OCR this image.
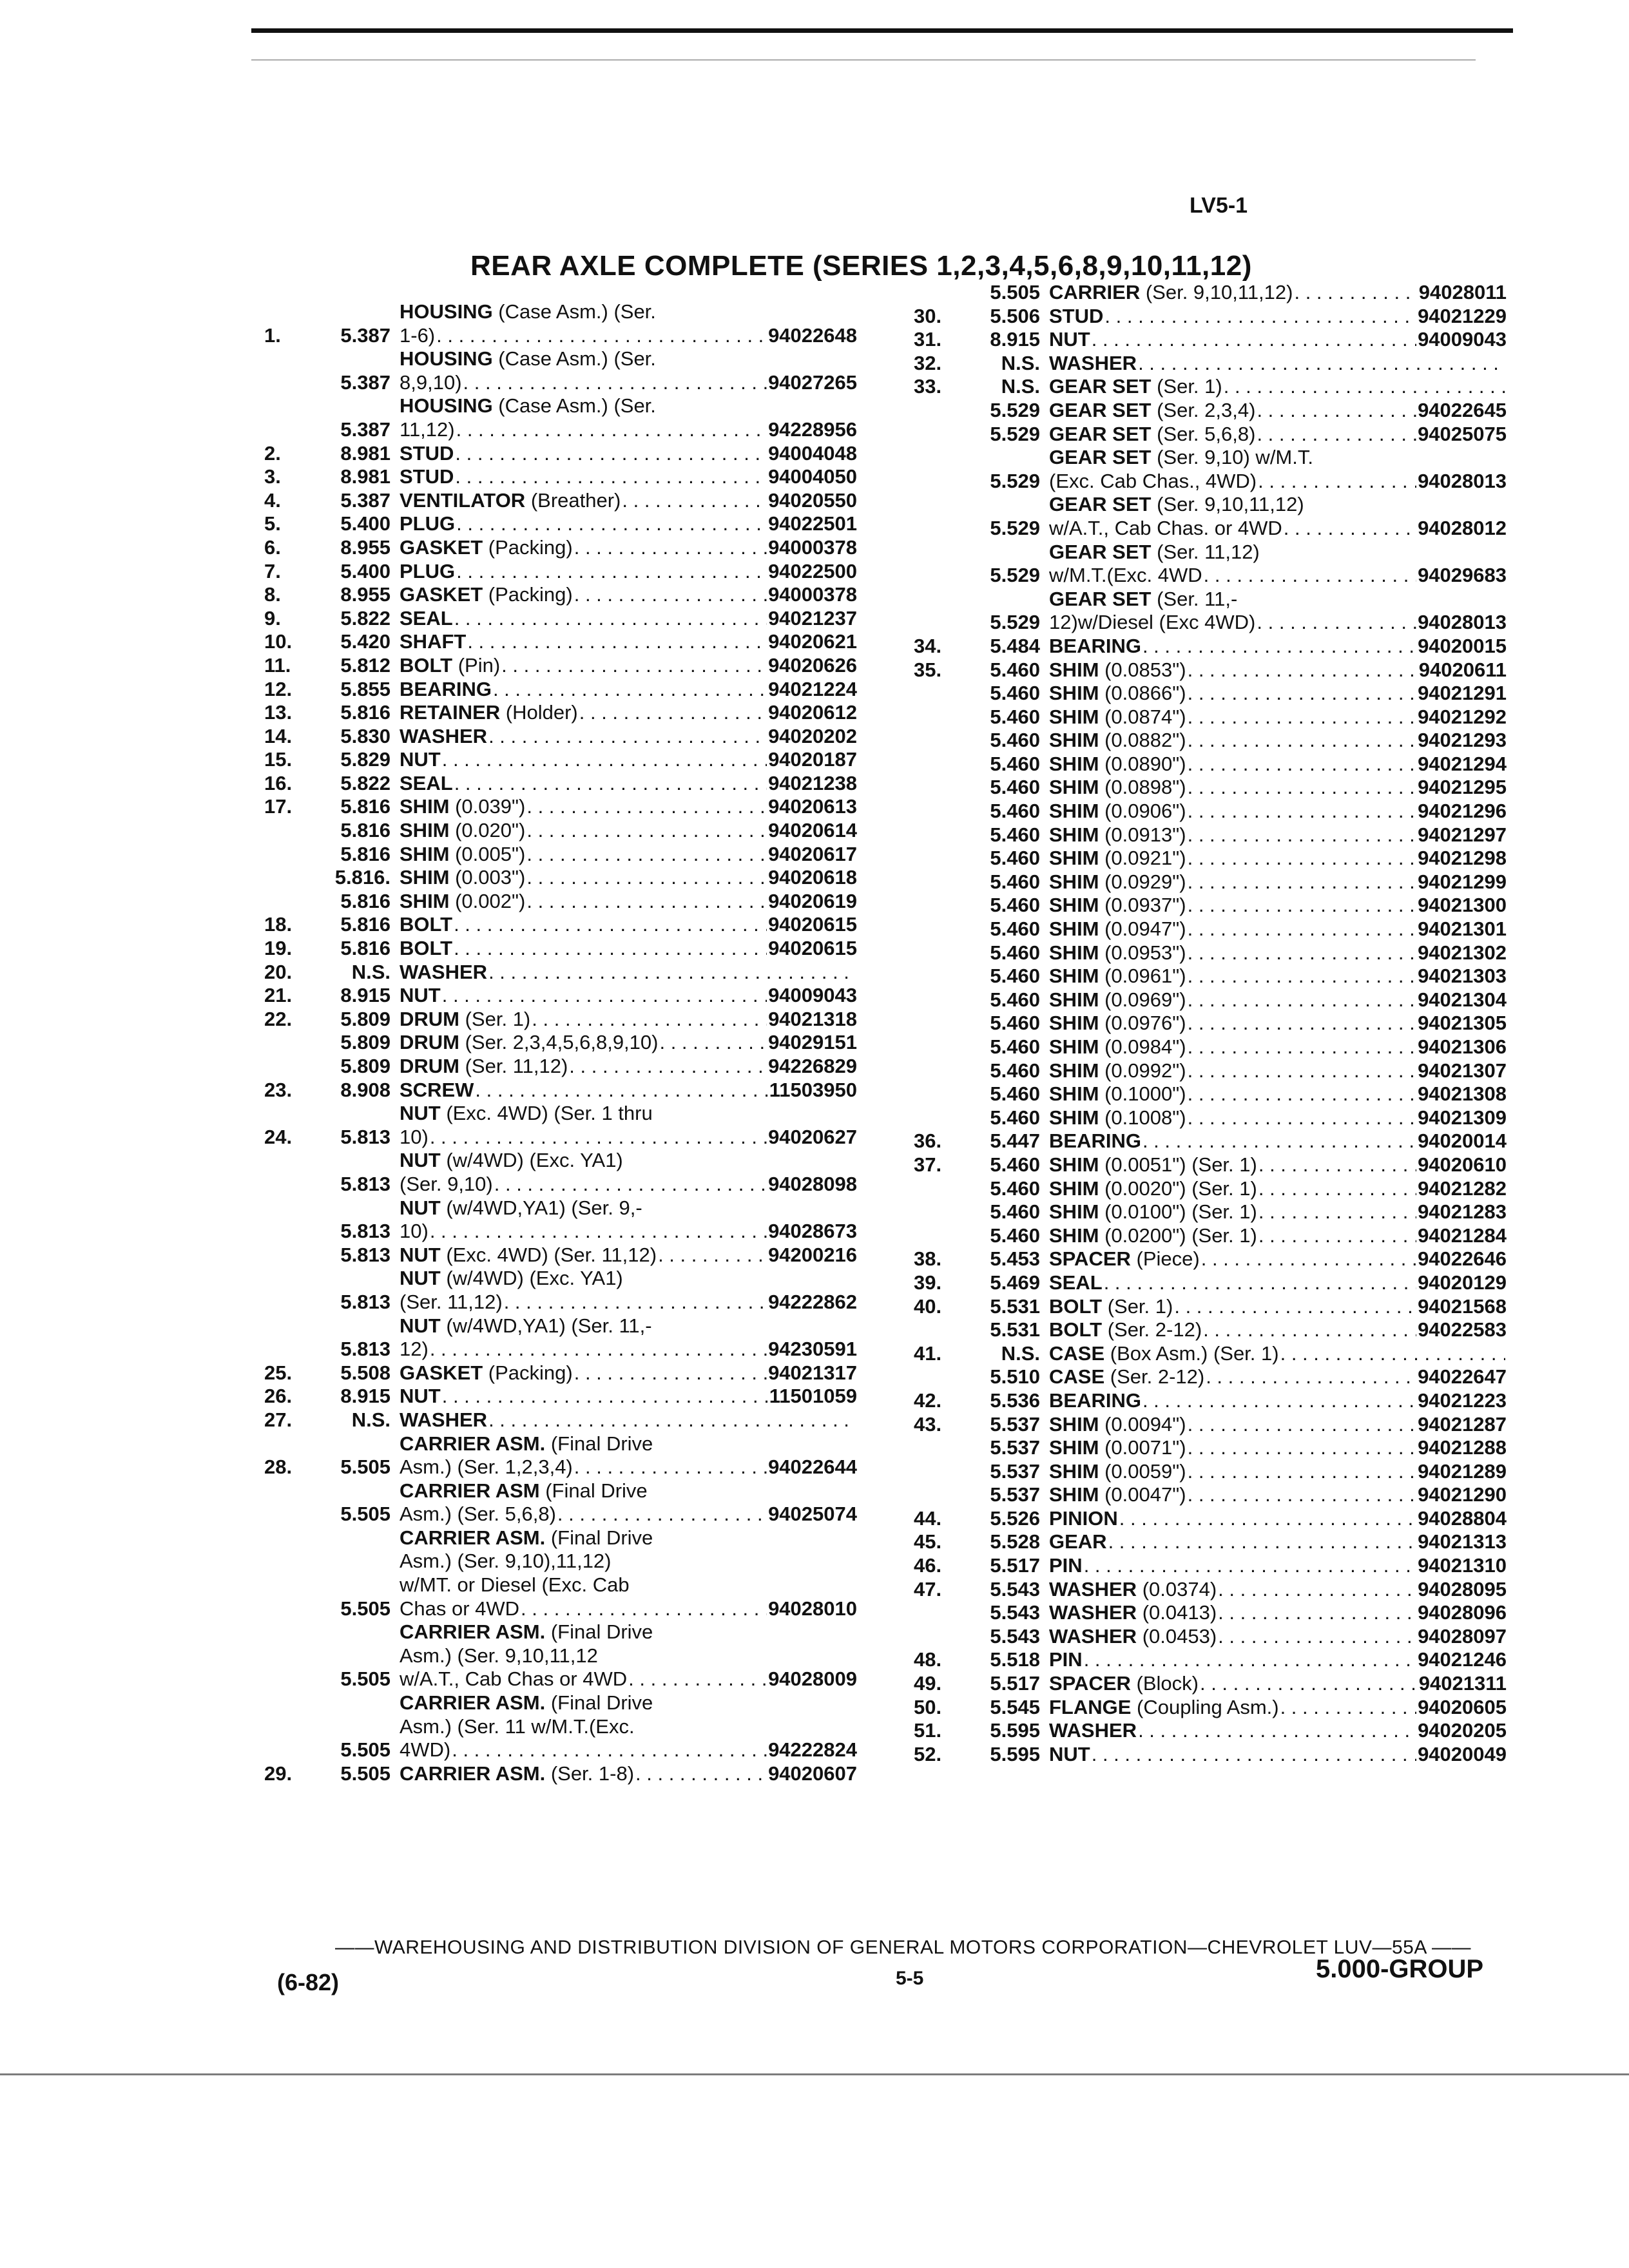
LV5-1
REAR AXLE COMPLETE (SERIES 1,2,3,4,5,6,8,9,10,11,12)
1.	5.387
HOUSING (Case Asm.) (Ser.
1-6) . . .	94022648
5.387
HOUSING (Case Asm.) (Ser.
8,9,10) . . .	94027265
5.387
HOUSING (Case Asm.) (Ser.
11,12) . . .	94228956
2.	8.981 STUD . . .	94004048
3.	8.981 STUD . . .	94004050
4.	5.387 VENTILATOR (Breather) . . .	94020550
5.	5.400 PLUG . . .	94022501
6.	8.955 GASKET (Packing) . . .	94000378
7.	5.400 PLUG . . .	94022500
8.	8.955 GASKET (Packing) . . .	94000378
9.	5.822 SEAL . . .	94021237
10.	5.420 SHAFT . . .	94020621
11.	5.812 BOLT (Pin) . . .	94020626
12.	5.855 BEARING . . .	94021224
13.	5.816 RETAINER (Holder) . . .	94020612
14.	5.830 WASHER . . .	94020202
15.	5.829 NUT . . .	94020187
16.	5.822 SEAL . . .	94021238
17.	5.816 SHIM (0.039") . . .	94020613
5.816 SHIM (0.020") . . .	94020614
5.816 SHIM (0.005") . . .	94020617
5.816. SHIM (0.003") . . .	94020618
5.816 SHIM (0.002") . . .	94020619
18.	5.816 BOLT . . .	94020615
19.	5.816 BOLT . . .	94020615
20.	N.S. WASHER
. . .
21.	8.915 NUT . . .	94009043
22.	5.809 DRUM (Ser. 1) . . .	94021318
5.809 DRUM (Ser. 2,3,4,5,6,8,9,10) . . .	94029151
5.809 DRUM (Ser. 11,12) . . .	94226829
23.	8.908 SCREW . . .	11503950
24.	5.813
NUT (Exc. 4WD) (Ser. 1 thru
10) . . .	94020627
5.813
NUT (w/4WD) (Exc. YA1)
(Ser. 9,10) . . .	94028098
5.813
NUT (w/4WD,YA1) (Ser. 9,-
10) . . .	94028673
5.813 NUT (Exc. 4WD) (Ser. 11,12) . . .	94200216
5.813
NUT (w/4WD) (Exc. YA1)
(Ser. 11,12) . . .	94222862
5.813
NUT (w/4WD,YA1) (Ser. 11,-
12) . . .	94230591
25.	5.508 GASKET (Packing) . . .	94021317
26.	8.915 NUT . . .	11501059
27.	N.S. WASHER
. . .
28.	5.505
CARRIER ASM. (Final Drive
Asm.) (Ser. 1,2,3,4) . . .	94022644
5.505
CARRIER ASM (Final Drive
Asm.) (Ser. 5,6,8) . . .	94025074
5.505
CARRIER ASM. (Final Drive
Asm.) (Ser. 9,10),11,12)
w/MT. or Diesel (Exc. Cab
Chas or 4WD . . .	94028010
5.505
CARRIER ASM. (Final Drive
Asm.) (Ser. 9,10,11,12
w/A.T., Cab Chas or 4WD . . .	94028009
5.505
CARRIER ASM. (Final Drive
Asm.) (Ser. 11 w/M.T.(Exc.
4WD) . . .	94222824
29.	5.505 CARRIER ASM. (Ser. 1-8) . . .	94020607
5.505 CARRIER (Ser. 9,10,11,12) . . .	94028011
30.	5.506 STUD . . .	94021229
31.	8.915 NUT . . .	94009043
32.	N.S. WASHER
. . .
33.	N.S. GEAR SET (Ser. 1)
. . .
5.529 GEAR SET (Ser. 2,3,4) . . .	94022645
5.529 GEAR SET (Ser. 5,6,8) . . .	94025075
5.529
GEAR SET (Ser. 9,10) w/M.T.
(Exc. Cab Chas., 4WD) . . .	94028013
5.529
GEAR SET (Ser. 9,10,11,12)
w/A.T., Cab Chas. or 4WD . . .	94028012
5.529
GEAR SET (Ser. 11,12)
w/M.T.(Exc. 4WD . . .	94029683
5.529
GEAR SET (Ser. 11,-
12)w/Diesel (Exc 4WD) . . .	94028013
34.	5.484 BEARING . . .	94020015
35.	5.460 SHIM (0.0853") . . .	94020611
5.460 SHIM (0.0866") . . .	94021291
5.460 SHIM (0.0874") . . .	94021292
5.460 SHIM (0.0882") . . .	94021293
5.460 SHIM (0.0890") . . .	94021294
5.460 SHIM (0.0898") . . .	94021295
5.460 SHIM (0.0906") . . .	94021296
5.460 SHIM (0.0913") . . .	94021297
5.460 SHIM (0.0921") . . .	94021298
5.460 SHIM (0.0929") . . .	94021299
5.460 SHIM (0.0937") . . .	94021300
5.460 SHIM (0.0947") . . .	94021301
5.460 SHIM (0.0953") . . .	94021302
5.460 SHIM (0.0961") . . .	94021303
5.460 SHIM (0.0969") . . .	94021304
5.460 SHIM (0.0976") . . .	94021305
5.460 SHIM (0.0984") . . .	94021306
5.460 SHIM (0.0992") . . .	94021307
5.460 SHIM (0.1000") . . .	94021308
5.460 SHIM (0.1008") . . .	94021309
36.	5.447 BEARING . . .	94020014
37.	5.460 SHIM (0.0051") (Ser. 1) . . .	94020610
5.460 SHIM (0.0020") (Ser. 1) . . .	94021282
5.460 SHIM (0.0100") (Ser. 1) . . .	94021283
5.460 SHIM (0.0200") (Ser. 1) . . .	94021284
38.	5.453 SPACER (Piece) . . .	94022646
39.	5.469 SEAL . . .	94020129
40.	5.531 BOLT (Ser. 1) . . .	94021568
5.531 BOLT (Ser. 2-12) . . .	94022583
41.	N.S. CASE (Box Asm.) (Ser. 1)
. . .
5.510 CASE (Ser. 2-12) . . .	94022647
42.	5.536 BEARING . . .	94021223
43.	5.537 SHIM (0.0094") . . .	94021287
5.537 SHIM (0.0071") . . .	94021288
5.537 SHIM (0.0059") . . .	94021289
5.537 SHIM (0.0047") . . .	94021290
44.	5.526 PINION . . .	94028804
45.	5.528 GEAR . . .	94021313
46.	5.517 PIN . . .	94021310
47.	5.543 WASHER (0.0374) . . .	94028095
5.543 WASHER (0.0413) . . .	94028096
5.543 WASHER (0.0453) . . .	94028097
48.	5.518 PIN . . .	94021246
49.	5.517 SPACER (Block) . . .	94021311
50.	5.545 FLANGE (Coupling Asm.) . . .	94020605
51.	5.595 WASHER . . .	94020205
52.	5.595 NUT . . .	94020049
——WAREHOUSING AND DISTRIBUTION DIVISION OF GENERAL MOTORS CORPORATION—CHEVROLET LUV—55A ——
(6-82)	5-5	5.000-GROUP
